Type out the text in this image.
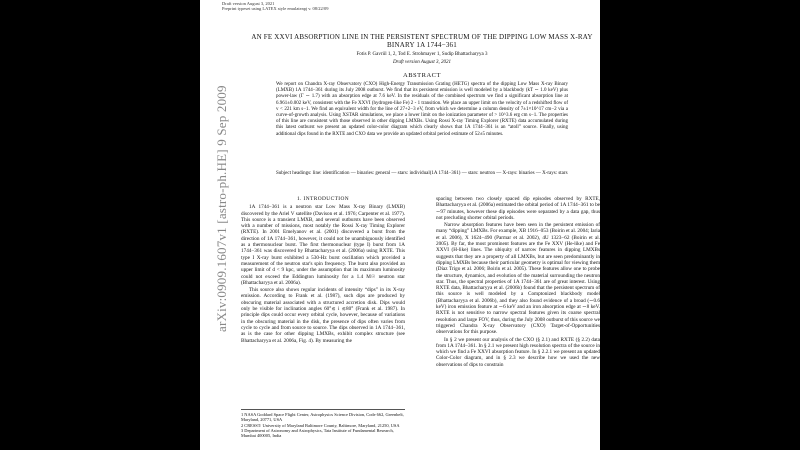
Draft version August 3, 2021
Preprint typeset using LATEX style emulateapj v. 08/22/09
arXiv:0909.1607v1 [astro-ph.HE] 9 Sep 2009
AN FE XXVI ABSORPTION LINE IN THE PERSISTENT SPECTRUM OF THE DIPPING LOW MASS X-RAY BINARY 1A 1744−361
Fotis P. Gavriil 1, 2, Tod E. Strohmayer 1, Sudip Bhattacharyya 3
Draft version August 3, 2021
ABSTRACT
We report on Chandra X-ray Observatory (CXO) High-Energy Transmission Grating (HETG) spectra of the dipping Low Mass X-ray Binary (LMXB) 1A 1744−361 during its July 2008 outburst. We find that its persistent emission is well modeled by a blackbody (kT ∼ 1.0 keV) plus power-law (Γ ∼ 1.7) with an absorption edge at 7.6 keV. In the residuals of the combined spectrum we find a significant absorption line at 6.961±0.002 keV, consistent with the Fe XXVI (hydrogen-like Fe) 2 - 1 transition. We place an upper limit on the velocity of a redshifted flow of v < 221 km s−1. We find an equivalent width for the line of 27+2−3 eV, from which we determine a column density of 7±1×10^17 cm−2 via a curve-of-growth analysis. Using XSTAR simulations, we place a lower limit on the ionization parameter of > 10^3.6 erg cm s−1. The properties of this line are consistent with those observed in other dipping LMXBs. Using Rossi X-ray Timing Explorer (RXTE) data accumulated during this latest outburst we present an updated color-color diagram which clearly shows that 1A 1744−361 is an “atoll” source. Finally, using additional dips found in the RXTE and CXO data we provide an updated orbital period estimate of 52±5 minutes.
Subject headings: line: identification — binaries: general — stars: individual(1A 1744−361) — stars: neutron — X-rays: binaries — X-rays: stars
1. INTRODUCTION

1A 1744−361 is a neutron star Low Mass X-ray Binary (LMXB) discovered by the Ariel V satellite (Davison et al. 1976; Carpenter et al. 1977). This source is a transient LMXB, and several outbursts have been observed with a number of missions, most notably the Rossi X-ray Timing Explorer (RXTE). In 2001 Emelyanov et al. (2001) discovered a burst from the direction of 1A 1744−361, however, it could not be unambiguously identified as a thermonuclear burst. The first thermonuclear (type I) burst from 1A 1744−361 was discovered by Bhattacharyya et al. (2006a) using RXTE. This type I X-ray burst exhibited a 530-Hz burst oscillation which provided a measurement of the neutron star's spin frequency. The burst also provided an upper limit of d < 9 kpc, under the assumption that its maximum luminosity could not exceed the Eddington luminosity for a 1.4 M☉ neutron star (Bhattacharyya et al. 2006a).

This source also shows regular incidents of intensity “dips” in its X-ray emission. According to Frank et al. (1987), such dips are produced by obscuring material associated with a structured accretion disk. Dips would only be visible for inclination angles 60°≲ i ≲80° (Frank et al. 1987). In principle dips could occur every orbital cycle, however, because of variations in the obscuring material in the disk, the presence of dips often varies from cycle to cycle and from source to source. The dips observed in 1A 1744−361, as is the case for other dipping LMXBs, exhibit complex structure (see Bhattacharyya et al. 2006a, Fig. 4). By measuring the

spacing between two closely spaced dip episodes observed by RXTE, Bhattacharyya et al. (2006a) estimated the orbital period of 1A 1744−361 to be ∼97 minutes, however these dip episodes were separated by a data gap, thus not precluding shorter orbital periods.

Narrow absorption features have been seen in the persistent emission of many “dipping” LMXBs. For example, XB 1916−053 (Boirin et al. 2004; Iaria et al. 2006), X 1624−490 (Parmar et al. 2002), 4U 1323−62 (Boirin et al. 2005). By far, the most prominent features are the Fe XXV (He-like) and Fe XXVI (H-like) lines. The ubiquity of narrow features in dipping LMXBs suggests that they are a property of all LMXBs, but are seen predominantly in dipping LMXBs because their particular geometry is optimal for viewing them (Díaz Trigo et al. 2006; Boirin et al. 2005). These features allow one to probe the structure, dynamics, and evolution of the material surrounding the neutron star. Thus, the spectral properties of 1A 1744−361 are of great interest. Using RXTE data, Bhattacharyya et al. (2006b) found that the persistent spectrum of this source is well modeled by a Comptonized blackbody model (Bhattacharyya et al. 2006b), and they also found evidence of a broad (∼0.6 keV) iron emission feature at ∼6 keV and an iron absorption edge at ∼8 keV. RXTE is not sensitive to narrow spectral features given its coarse spectral resolution and large FOV, thus, during the July 2008 outburst of this source we triggered Chandra X-ray Observatory (CXO) Target-of-Opportunities observations for this purpose.

In § 2 we present our analysis of the CXO (§ 2.1) and RXTE (§ 2.2) data from 1A 1744−361. In § 2.1 we present high resolution spectra of the source in which we find a Fe XXVI absorption feature. In § 2.2.1 we present an updated Color-Color diagram, and in § 2.3 we describe how we used the new observations of dips to constrain

1 NASA Goddard Space Flight Center, Astrophysics Science Division, Code 662, Greenbelt, Maryland, 20771, USA
2 CRESST: University of Maryland Baltimore County, Baltimore, Maryland, 21250, USA
3 Department of Astronomy and Astrophysics, Tata Institute of Fundamental Research, Mumbai 400005, India
